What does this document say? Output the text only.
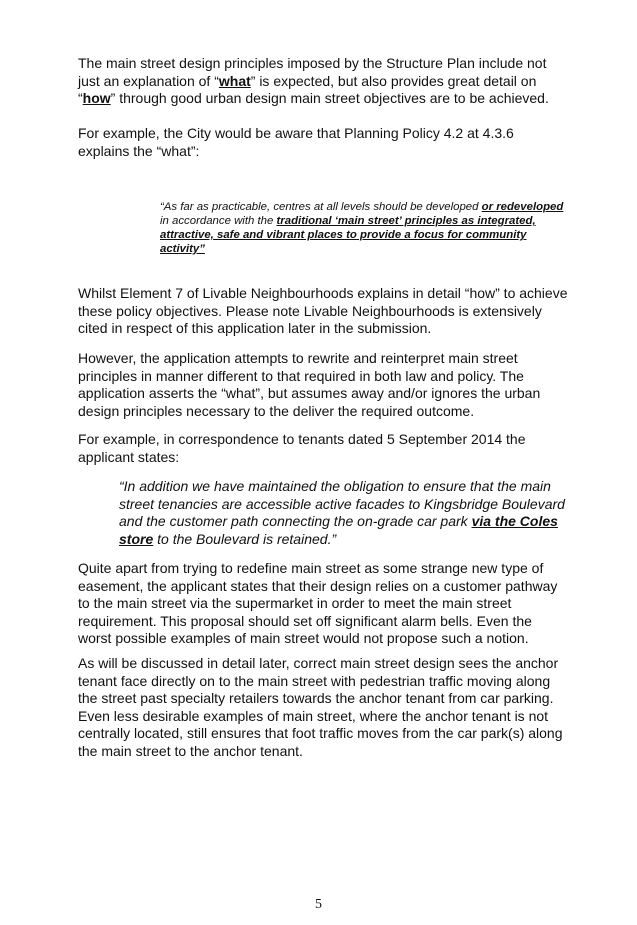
The main street design principles imposed by the Structure Plan include not just an explanation of “what” is expected, but also provides great detail on “how” through good urban design main street objectives are to be achieved.

For example, the City would be aware that Planning Policy 4.2 at 4.3.6 explains the “what”:

“As far as practicable, centres at all levels should be developed or redeveloped in accordance with the traditional ‘main street’ principles as integrated, attractive, safe and vibrant places to provide a focus for community activity”

Whilst Element 7 of Livable Neighbourhoods explains in detail “how” to achieve these policy objectives. Please note Livable Neighbourhoods is extensively cited in respect of this application later in the submission.

However, the application attempts to rewrite and reinterpret main street principles in manner different to that required in both law and policy. The application asserts the “what”, but assumes away and/or ignores the urban design principles necessary to the deliver the required outcome.

For example, in correspondence to tenants dated 5 September 2014 the applicant states:

“In addition we have maintained the obligation to ensure that the main street tenancies are accessible active facades to Kingsbridge Boulevard and the customer path connecting the on-grade car park via the Coles store to the Boulevard is retained.”

Quite apart from trying to redefine main street as some strange new type of easement, the applicant states that their design relies on a customer pathway to the main street via the supermarket in order to meet the main street requirement. This proposal should set off significant alarm bells. Even the worst possible examples of main street would not propose such a notion.

As will be discussed in detail later, correct main street design sees the anchor tenant face directly on to the main street with pedestrian traffic moving along the street past specialty retailers towards the anchor tenant from car parking. Even less desirable examples of main street, where the anchor tenant is not centrally located, still ensures that foot traffic moves from the car park(s) along the main street to the anchor tenant.

5
